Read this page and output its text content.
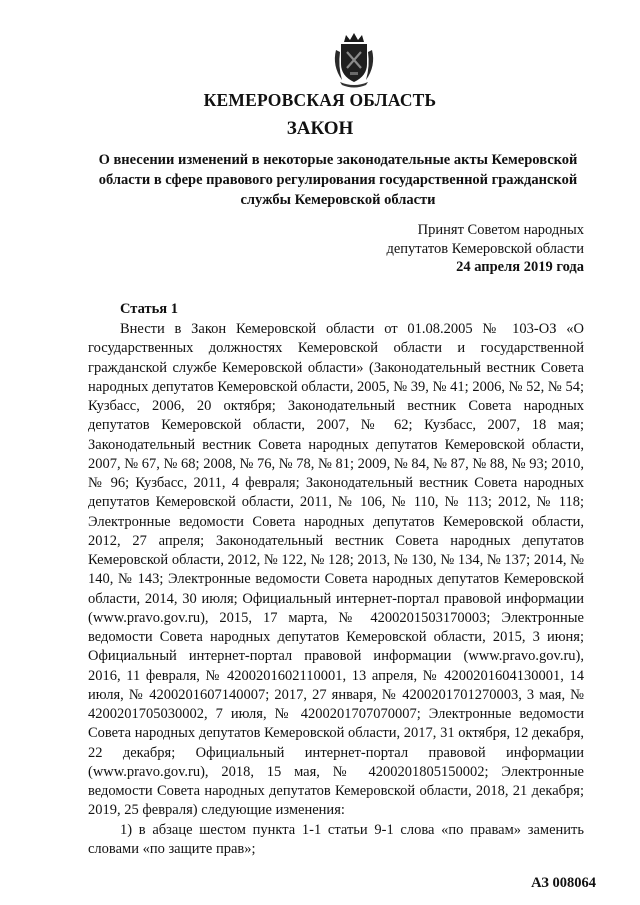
КЕМЕРОВСКАЯ ОБЛАСТЬ
ЗАКОН
О внесении изменений в некоторые законодательные акты Кемеровской области в сфере правового регулирования государственной гражданской службы Кемеровской области
Принят Советом народных
депутатов Кемеровской области
24 апреля 2019 года
Статья 1

Внести в Закон Кемеровской области от 01.08.2005 № 103-ОЗ «О государственных должностях Кемеровской области и государственной гражданской службе Кемеровской области» (Законодательный вестник Совета народных депутатов Кемеровской области, 2005, № 39, № 41; 2006, № 52, № 54; Кузбасс, 2006, 20 октября; Законодательный вестник Совета народных депутатов Кемеровской области, 2007, № 62; Кузбасс, 2007, 18 мая; Законодательный вестник Совета народных депутатов Кемеровской области, 2007, № 67, № 68; 2008, № 76, № 78, № 81; 2009, № 84, № 87, № 88, № 93; 2010, № 96; Кузбасс, 2011, 4 февраля; Законодательный вестник Совета народных депутатов Кемеровской области, 2011, № 106, № 110, № 113; 2012, № 118; Электронные ведомости Совета народных депутатов Кемеровской области, 2012, 27 апреля; Законодательный вестник Совета народных депутатов Кемеровской области, 2012, № 122, № 128; 2013, № 130, № 134, № 137; 2014, № 140, № 143; Электронные ведомости Совета народных депутатов Кемеровской области, 2014, 30 июля; Официальный интернет-портал правовой информации (www.pravo.gov.ru), 2015, 17 марта, № 4200201503170003; Электронные ведомости Совета народных депутатов Кемеровской области, 2015, 3 июня; Официальный интернет-портал правовой информации (www.pravo.gov.ru), 2016, 11 февраля, № 4200201602110001, 13 апреля, № 4200201604130001, 14 июля, № 4200201607140007; 2017, 27 января, № 4200201701270003, 3 мая, № 4200201705030002, 7 июля, № 4200201707070007; Электронные ведомости Совета народных депутатов Кемеровской области, 2017, 31 октября, 12 декабря, 22 декабря; Официальный интернет-портал правовой информации (www.pravo.gov.ru), 2018, 15 мая, № 4200201805150002; Электронные ведомости Совета народных депутатов Кемеровской области, 2018, 21 декабря; 2019, 25 февраля) следующие изменения:

1) в абзаце шестом пункта 1-1 статьи 9-1 слова «по правам» заменить словами «по защите прав»;

АЗ 008064
